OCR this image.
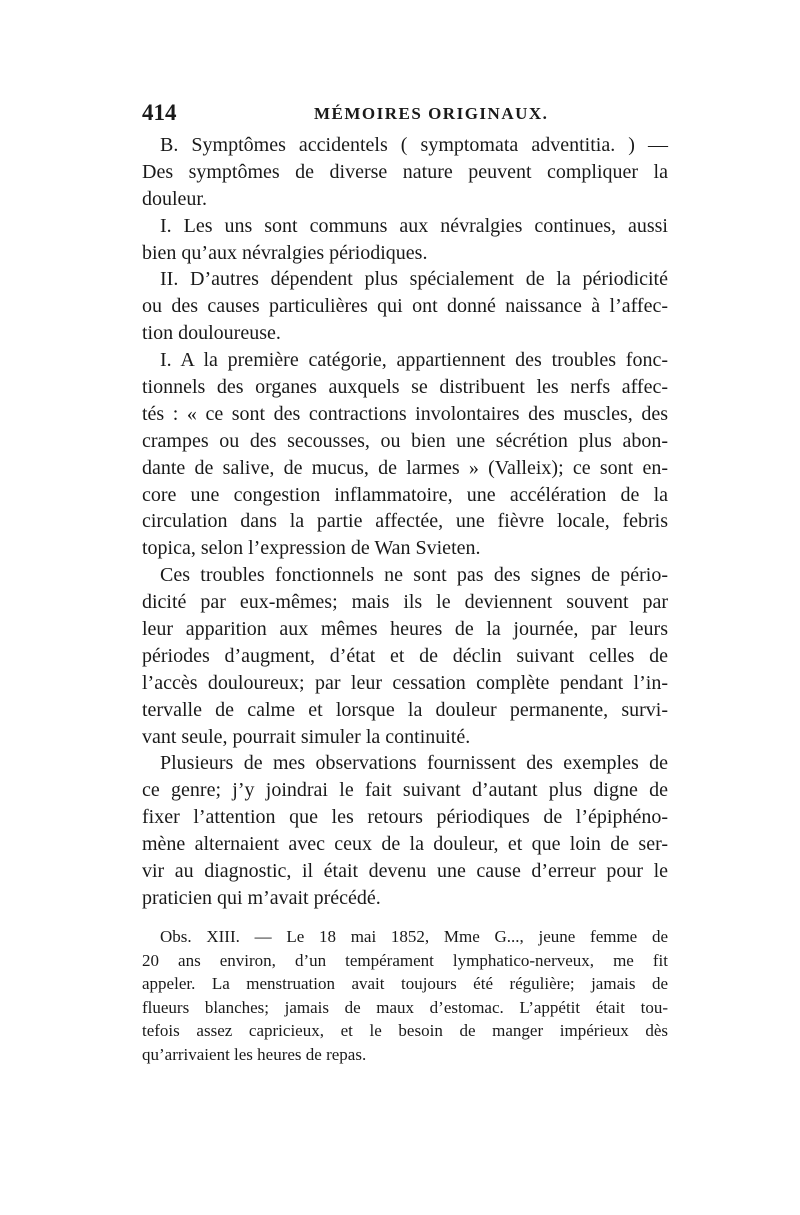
414	MÉMOIRES ORIGINAUX.
B. Symptômes accidentels ( symptomata adventitia. ) —
Des symptômes de diverse nature peuvent compliquer la
douleur.
I. Les uns sont communs aux névralgies continues, aussi
bien qu’aux névralgies périodiques.
II. D’autres dépendent plus spécialement de la périodicité
ou des causes particulières qui ont donné naissance à l’affec-
tion douloureuse.
I. A la première catégorie, appartiennent des troubles fonc-
tionnels des organes auxquels se distribuent les nerfs affec-
tés : « ce sont des contractions involontaires des muscles, des
crampes ou des secousses, ou bien une sécrétion plus abon-
dante de salive, de mucus, de larmes » (Valleix); ce sont en-
core une congestion inflammatoire, une accélération de la
circulation dans la partie affectée, une fièvre locale, febris
topica, selon l’expression de Wan Svieten.
Ces troubles fonctionnels ne sont pas des signes de pério-
dicité par eux-mêmes; mais ils le deviennent souvent par
leur apparition aux mêmes heures de la journée, par leurs
périodes d’augment, d’état et de déclin suivant celles de
l’accès douloureux; par leur cessation complète pendant l’in-
tervalle de calme et lorsque la douleur permanente, survi-
vant seule, pourrait simuler la continuité.
Plusieurs de mes observations fournissent des exemples de
ce genre; j’y joindrai le fait suivant d’autant plus digne de
fixer l’attention que les retours périodiques de l’épiphéno-
mène alternaient avec ceux de la douleur, et que loin de ser-
vir au diagnostic, il était devenu une cause d’erreur pour le
praticien qui m’avait précédé.
Obs. XIII. — Le 18 mai 1852, Mme G..., jeune femme de
20 ans environ, d’un tempérament lymphatico-nerveux, me fit
appeler. La menstruation avait toujours été régulière; jamais de
flueurs blanches; jamais de maux d’estomac. L’appétit était tou-
tefois assez capricieux, et le besoin de manger impérieux dès
qu’arrivaient les heures de repas.
